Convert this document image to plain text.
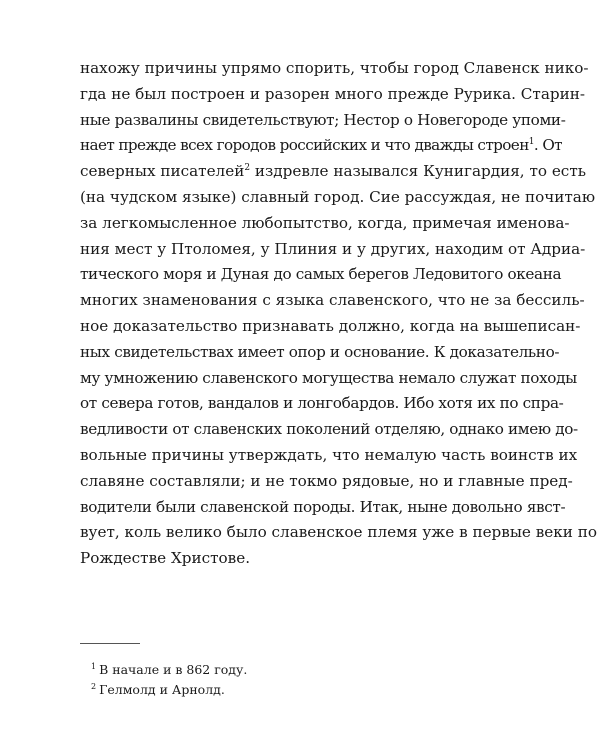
нахожу причины упрямо спорить, чтобы город Славенск нико-

гда не был построен и разорен много прежде Рурика. Старин-

ные развалины свидетельствуют; Нестор о Новегороде упоми-

нает прежде всех городов российских и что дважды строен$^1$. От

северных писателей$^2$ издревле назывался Кунигардия, то есть

(на чудском языке) славный город. Сие рассуждая, не почитаю

за легкомысленное любопытство, когда, примечая именова-

ния мест у Птоломея, у Плиния и у других, находим от Адриа-

тического моря и Дуная до самых берегов Ледовитого океана

многих знаменования с языка славенского, что не за бессиль-

ное доказательство признавать должно, когда на вышеписан-

ных свидетельствах имеет опор и основание. К доказательно-

му умножению славенского могущества немало служат походы

от севера готов, вандалов и лонгобардов. Ибо хотя их по спра-

ведливости от славенских поколений отделяю, однако имею до-

вольные причины утверждать, что немалую часть воинств их

славяне составляли; и не токмо рядовые, но и главные пред-

водители были славенской породы. Итак, ныне довольно явст-

вует, коль велико было славенское племя уже в первые веки по

Рождестве Христове.

$^1$ В начале и в 862 году.
$^2$ Гелмолд и Арнолд.
